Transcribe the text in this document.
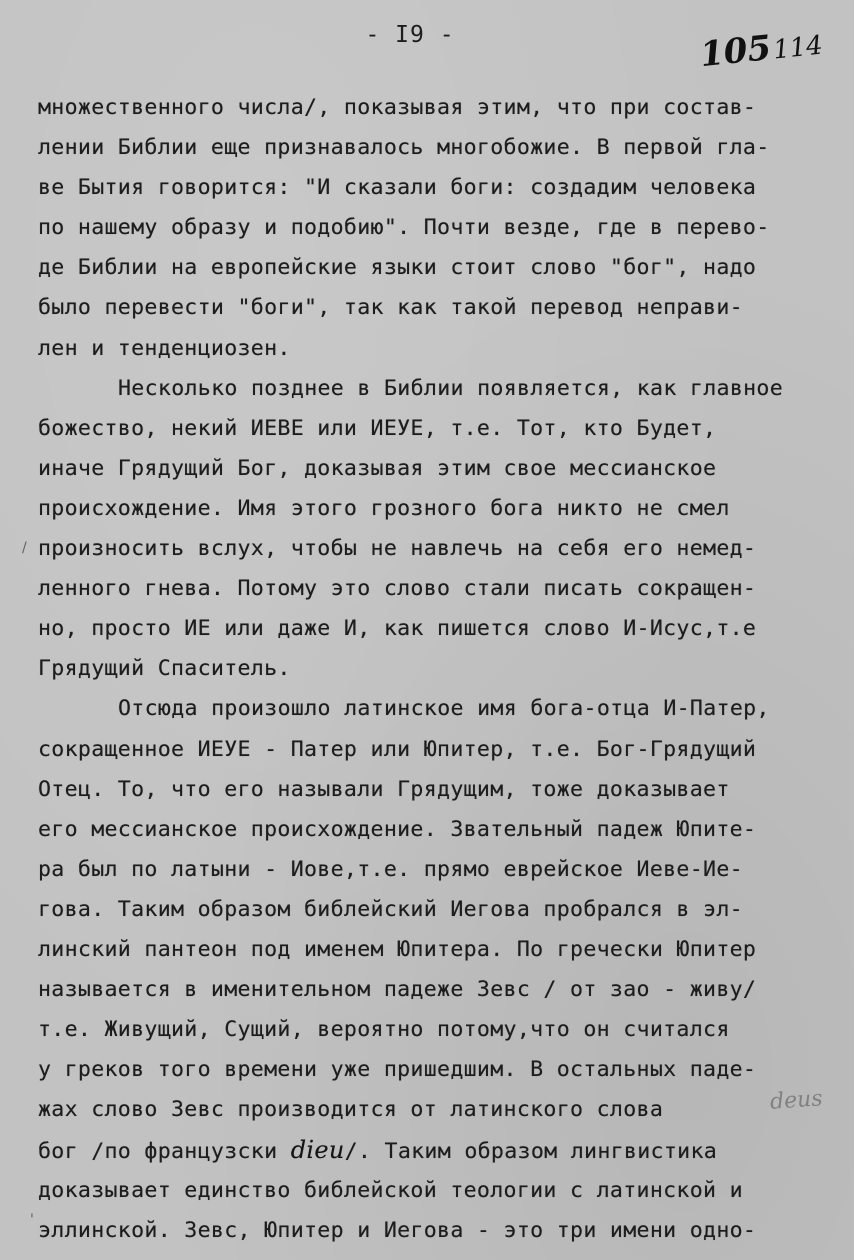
- I9 -	105114
множественного числа/, показывая этим, что при состав-
лении Библии еще признавалось многобожие. В первой гла-
ве Бытия говорится: "И сказали боги: создадим человека
по нашему образу и подобию". Почти везде, где в перево-
де Библии на европейские языки стоит слово "бог", надо
было перевести "боги", так как такой перевод неправи-
лен и тенденциозен.
Несколько позднее в Библии появляется, как главное
божество, некий ИЕВЕ или ИЕУЕ, т.е. Тот, кто Будет,
иначе Грядущий Бог, доказывая этим свое мессианское
происхождение. Имя этого грозного бога никто не смел
произносить вслух, чтобы не навлечь на себя его немед-
ленного гнева. Потому это слово стали писать сокращен-
но, просто ИЕ или даже И, как пишется слово И-Исус,т.е
Грядущий Спаситель.
Отсюда произошло латинское имя бога-отца И-Патер,
сокращенное ИЕУЕ - Патер или Юпитер, т.е. Бог-Грядущий
Отец. То, что его называли Грядущим, тоже доказывает
его мессианское происхождение. Звательный падеж Юпите-
ра был по латыни - Иове,т.е. прямо еврейское Иеве-Ие-
гова. Таким образом библейский Иегова пробрался в эл-
линский пантеон под именем Юпитера. По гречески Юпитер
называется в именительном падеже Зевс / от зао - живу/
т.е. Живущий, Сущий, вероятно потому,что он считался
у греков того времени уже пришедшим. В остальных паде-
жах слово Зевс производится от латинского слова
бог /по французски dieu/. Таким образом лингвистика
доказывает единство библейской теологии с латинской и
эллинской. Зевс, Юпитер и Иегова - это три имени одно-
deus
/
'
